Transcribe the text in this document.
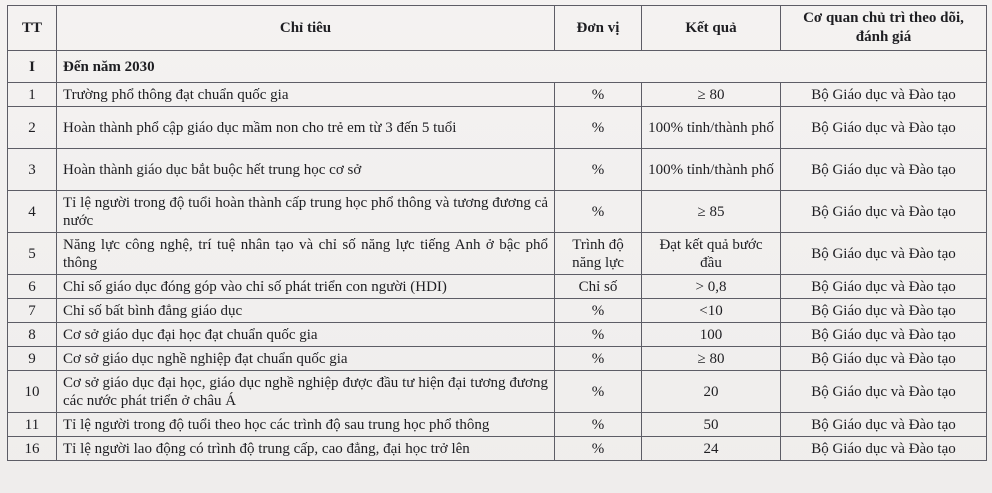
TT	Chỉ tiêu	Đơn vị	Kết quả	Cơ quan chủ trì theo dõi, đánh giá
I	Đến năm 2030			
1	Trường phổ thông đạt chuẩn quốc gia	%	≥ 80	Bộ Giáo dục và Đào tạo
2	Hoàn thành phổ cập giáo dục mầm non cho trẻ em từ 3 đến 5 tuổi	%	100% tỉnh/thành phố	Bộ Giáo dục và Đào tạo
3	Hoàn thành giáo dục bắt buộc hết trung học cơ sở	%	100% tỉnh/thành phố	Bộ Giáo dục và Đào tạo
4	Tỉ lệ người trong độ tuổi hoàn thành cấp trung học phổ thông và tương đương cả nước	%	≥ 85	Bộ Giáo dục và Đào tạo
5	Năng lực công nghệ, trí tuệ nhân tạo và chỉ số năng lực tiếng Anh ở bậc phổ thông	Trình độ năng lực	Đạt kết quả bước đầu	Bộ Giáo dục và Đào tạo
6	Chỉ số giáo dục đóng góp vào chỉ số phát triển con người (HDI)	Chỉ số	> 0,8	Bộ Giáo dục và Đào tạo
7	Chỉ số bất bình đẳng giáo dục	%	<10	Bộ Giáo dục và Đào tạo
8	Cơ sở giáo dục đại học đạt chuẩn quốc gia	%	100	Bộ Giáo dục và Đào tạo
9	Cơ sở giáo dục nghề nghiệp đạt chuẩn quốc gia	%	≥ 80	Bộ Giáo dục và Đào tạo
10	Cơ sở giáo dục đại học, giáo dục nghề nghiệp được đầu tư hiện đại tương đương các nước phát triển ở châu Á	%	20	Bộ Giáo dục và Đào tạo
11	Tỉ lệ người trong độ tuổi theo học các trình độ sau trung học phổ thông	%	50	Bộ Giáo dục và Đào tạo
16	Tỉ lệ người lao động có trình độ trung cấp, cao đẳng, đại học trở lên	%	24	Bộ Giáo dục và Đào tạo
